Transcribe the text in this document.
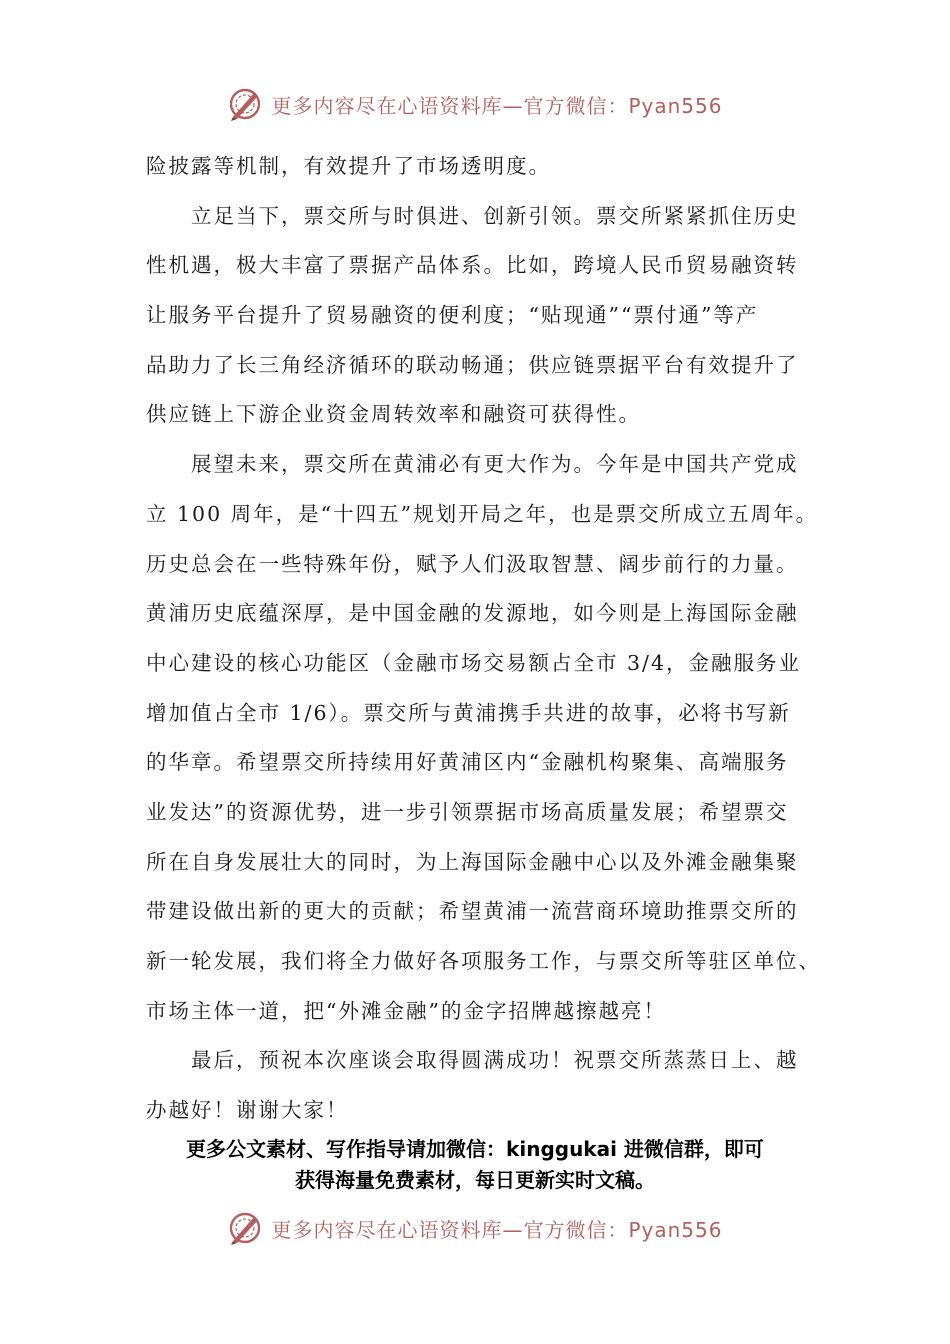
更多内容尽在心语资料库—官方微信：Pyan556
险披露等机制，有效提升了市场透明度。
　　立足当下，票交所与时俱进、创新引领。票交所紧紧抓住历史
性机遇，极大丰富了票据产品体系。比如，跨境人民币贸易融资转
让服务平台提升了贸易融资的便利度；“贴现通”“票付通”等产
品助力了长三角经济循环的联动畅通；供应链票据平台有效提升了
供应链上下游企业资金周转效率和融资可获得性。
　　展望未来，票交所在黄浦必有更大作为。今年是中国共产党成
立 100 周年，是“十四五”规划开局之年，也是票交所成立五周年。
历史总会在一些特殊年份，赋予人们汲取智慧、阔步前行的力量。
黄浦历史底蕴深厚，是中国金融的发源地，如今则是上海国际金融
中心建设的核心功能区（金融市场交易额占全市 3/4，金融服务业
增加值占全市 1/6）。票交所与黄浦携手共进的故事，必将书写新
的华章。希望票交所持续用好黄浦区内“金融机构聚集、高端服务
业发达”的资源优势，进一步引领票据市场高质量发展；希望票交
所在自身发展壮大的同时，为上海国际金融中心以及外滩金融集聚
带建设做出新的更大的贡献；希望黄浦一流营商环境助推票交所的
新一轮发展，我们将全力做好各项服务工作，与票交所等驻区单位、
市场主体一道，把“外滩金融”的金字招牌越擦越亮！
　　最后，预祝本次座谈会取得圆满成功！祝票交所蒸蒸日上、越
办越好！谢谢大家！
更多公文素材、写作指导请加微信：kinggukai 进微信群，即可
获得海量免费素材，每日更新实时文稿。
更多内容尽在心语资料库—官方微信：Pyan556
